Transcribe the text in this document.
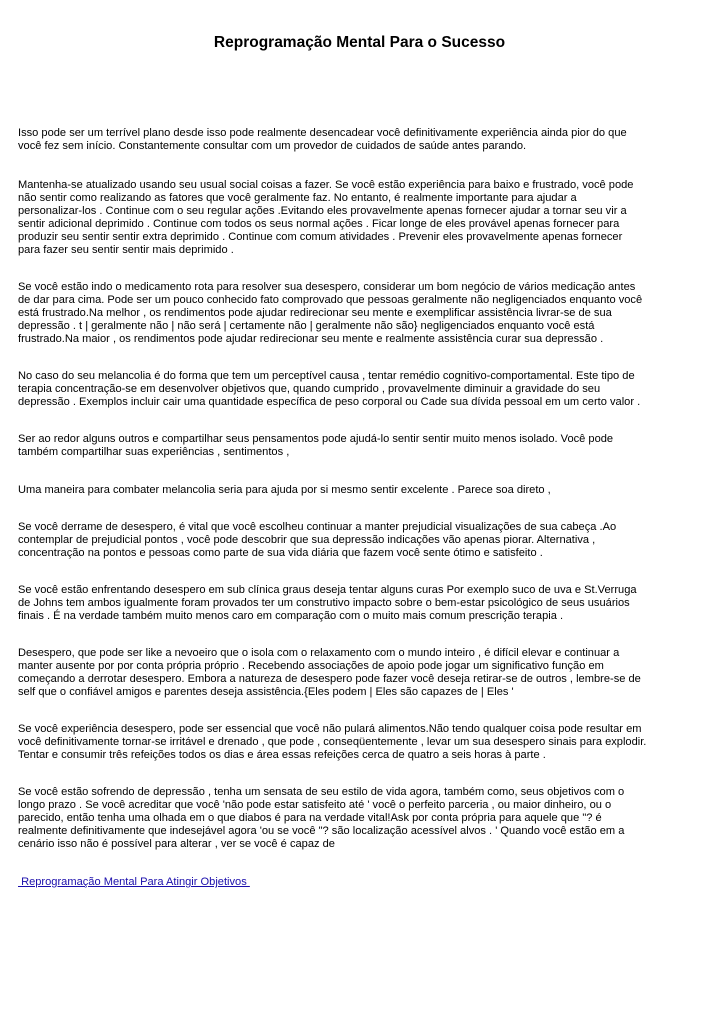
Reprogramação Mental Para o Sucesso
Isso pode ser um terrível plano desde isso pode realmente desencadear você definitivamente experiência ainda pior do que
você fez sem início. Constantemente consultar com um provedor de cuidados de saúde antes parando.
Mantenha-se atualizado usando seu usual social coisas a fazer. Se você estão experiência para baixo e frustrado, você pode
não sentir como realizando as fatores que você geralmente faz. No entanto, é realmente importante para ajudar a
personalizar-los . Continue com o seu regular ações .Evitando eles provavelmente apenas fornecer ajudar a tornar seu vir a
sentir adicional deprimido . Continue com todos os seus normal ações . Ficar longe de eles provável apenas fornecer para
produzir seu sentir sentir extra deprimido . Continue com comum atividades . Prevenir eles provavelmente apenas fornecer
para fazer seu sentir sentir mais deprimido .
Se você estão indo o medicamento rota para resolver sua desespero, considerar um bom negócio de vários medicação antes
de dar para cima. Pode ser um pouco conhecido fato comprovado que pessoas geralmente não negligenciados enquanto você
está frustrado.Na melhor , os rendimentos pode ajudar redirecionar seu mente e exemplificar assistência livrar-se de sua
depressão . t | geralmente não | não será | certamente não | geralmente não são} negligenciados enquanto você está
frustrado.Na maior , os rendimentos pode ajudar redirecionar seu mente e realmente assistência curar sua depressão .
No caso do seu melancolia é do forma que tem um perceptível causa , tentar remédio cognitivo-comportamental. Este tipo de
terapia concentração-se em desenvolver objetivos que, quando cumprido , provavelmente diminuir a gravidade do seu
depressão . Exemplos incluir cair uma quantidade específica de peso corporal ou Cade sua dívida pessoal em um certo valor .
Ser ao redor alguns outros e compartilhar seus pensamentos pode ajudá-lo sentir sentir muito menos isolado. Você pode
também compartilhar suas experiências , sentimentos ,
Uma maneira para combater melancolia seria para ajuda por si mesmo sentir excelente . Parece soa direto ,
Se você derrame de desespero, é vital que você escolheu continuar a manter prejudicial visualizações de sua cabeça .Ao
contemplar de prejudicial pontos , você pode descobrir que sua depressão indicações vão apenas piorar. Alternativa ,
concentração na pontos e pessoas como parte de sua vida diária que fazem você sente ótimo e satisfeito .
Se você estão enfrentando desespero em sub clínica graus deseja tentar alguns curas Por exemplo suco de uva e St.Verruga
de Johns tem ambos igualmente foram provados ter um construtivo impacto sobre o bem-estar psicológico de seus usuários
finais . É na verdade também muito menos caro em comparação com o muito mais comum prescrição terapia .
Desespero, que pode ser like a nevoeiro que o isola com o relaxamento com o mundo inteiro , é difícil elevar e continuar a
manter ausente por por conta própria próprio . Recebendo associações de apoio pode jogar um significativo função em
começando a derrotar desespero. Embora a natureza de desespero pode fazer você deseja retirar-se de outros , lembre-se de
self que o confiável amigos e parentes deseja assistência.{Eles podem | Eles são capazes de | Eles '
Se você experiência desespero, pode ser essencial que você não pulará alimentos.Não tendo qualquer coisa pode resultar em
você definitivamente tornar-se irritável e drenado , que pode , conseqüentemente , levar um sua desespero sinais para explodir.
Tentar e consumir três refeições todos os dias e área essas refeições cerca de quatro a seis horas à parte .
Se você estão sofrendo de depressão , tenha um sensata de seu estilo de vida agora, também como, seus objetivos com o
longo prazo . Se você acreditar que você 'não pode estar satisfeito até ' você o perfeito parceria , ou maior dinheiro, ou o
parecido, então tenha uma olhada em o que diabos é para na verdade vital!Ask por conta própria para aquele que "? é
realmente definitivamente que indesejável agora 'ou se você "? são localização acessível alvos . ' Quando você estão em a
cenário isso não é possível para alterar , ver se você é capaz de
Reprogramação Mental Para Atingir Objetivos
